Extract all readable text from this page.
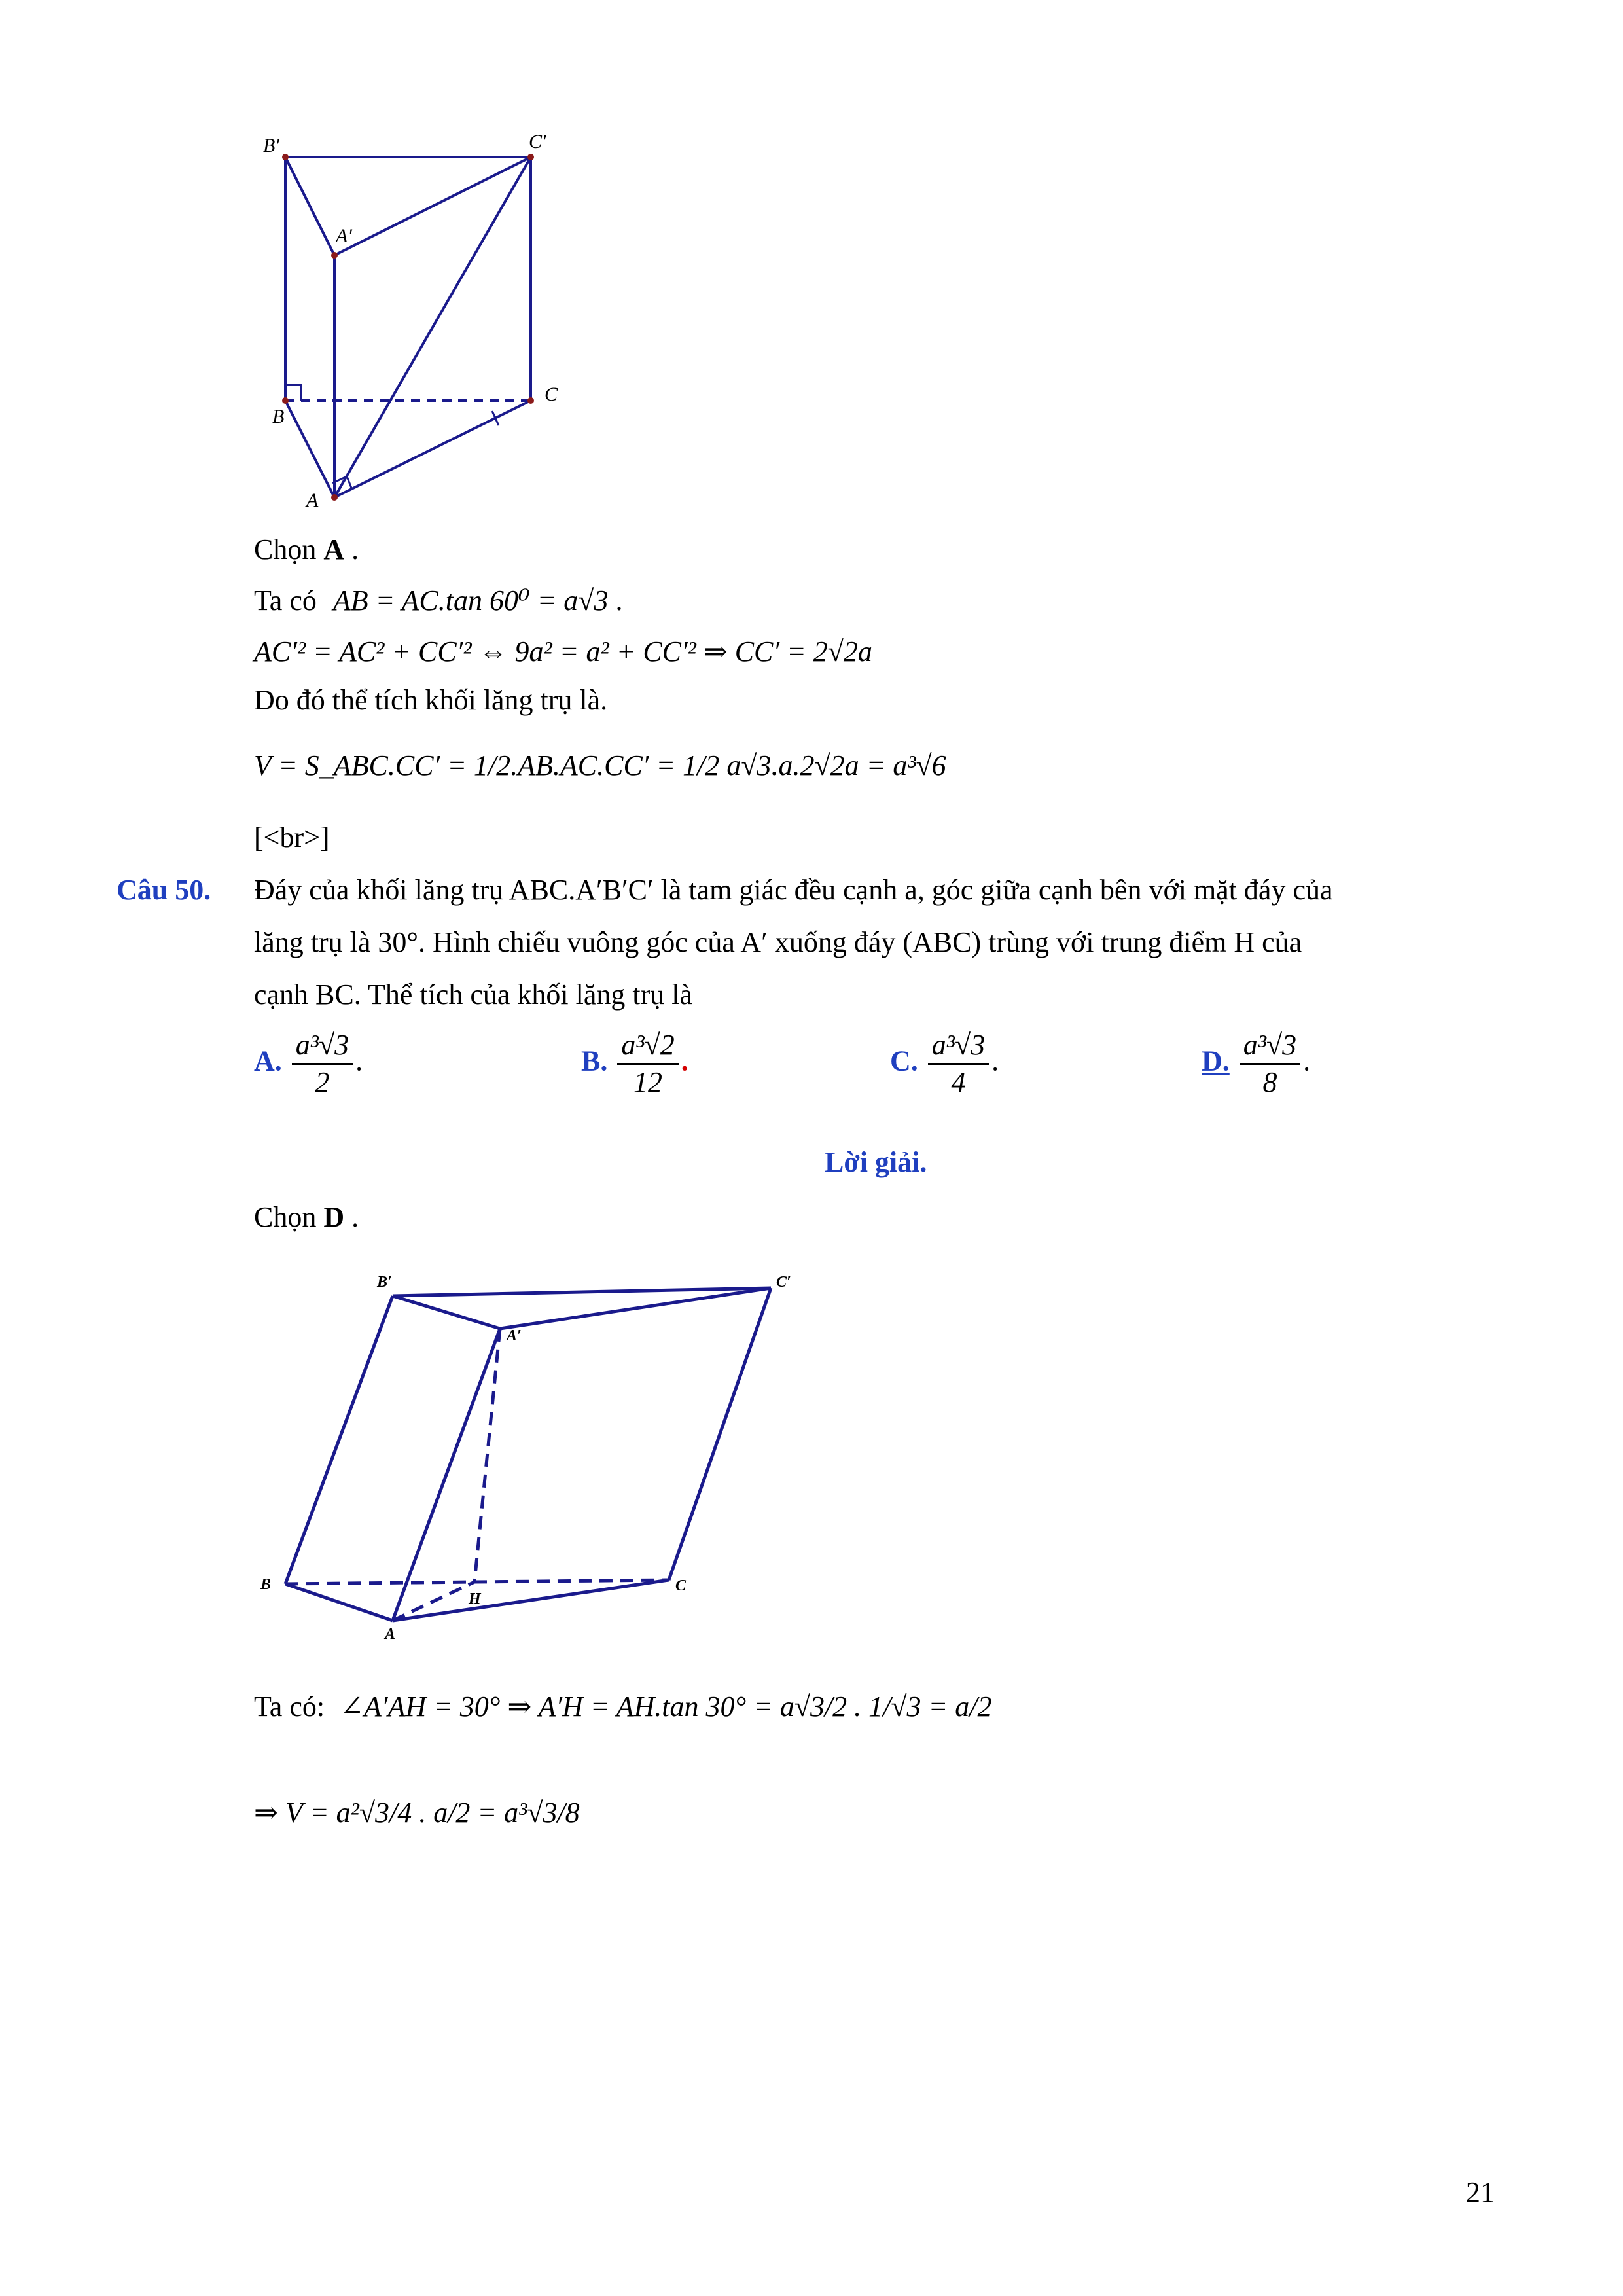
B′	C′
A′
B
C
A
Chọn A .
Ta có AB = AC.tan 60⁰ = a√3 .
AC′² = AC² + CC′² ⇔ 9a² = a² + CC′² ⇒ CC′ = 2√2a
Do đó thể tích khối lăng trụ là.
V = S_ABC.CC′ = 1/2.AB.AC.CC′ = 1/2 a√3.a.2√2a = a³√6
[<br>]
Câu 50. Đáy của khối lăng trụ ABC.A′B′C′ là tam giác đều cạnh a, góc giữa cạnh bên với mặt đáy của
lăng trụ là 30°. Hình chiếu vuông góc của A′ xuống đáy (ABC) trùng với trung điểm H của
cạnh BC. Thể tích của khối lăng trụ là
A. $\frac{\text{a³√3}}{2}$ .	B. $\frac{\text{a³√2}}{12}$ .	C. $\frac{\text{a³√3}}{4}$ .	D. $\frac{\text{a³√3}}{8}$ .
Lời giải.
Chọn D .
B′	C′
A′
B	C
H
A
Ta có: ∠A′AH = 30° ⇒ A′H = AH.tan 30° = a√3/2 . 1/√3 = a/2
⇒ V = a²√3/4 . a/2 = a³√3/8
21
